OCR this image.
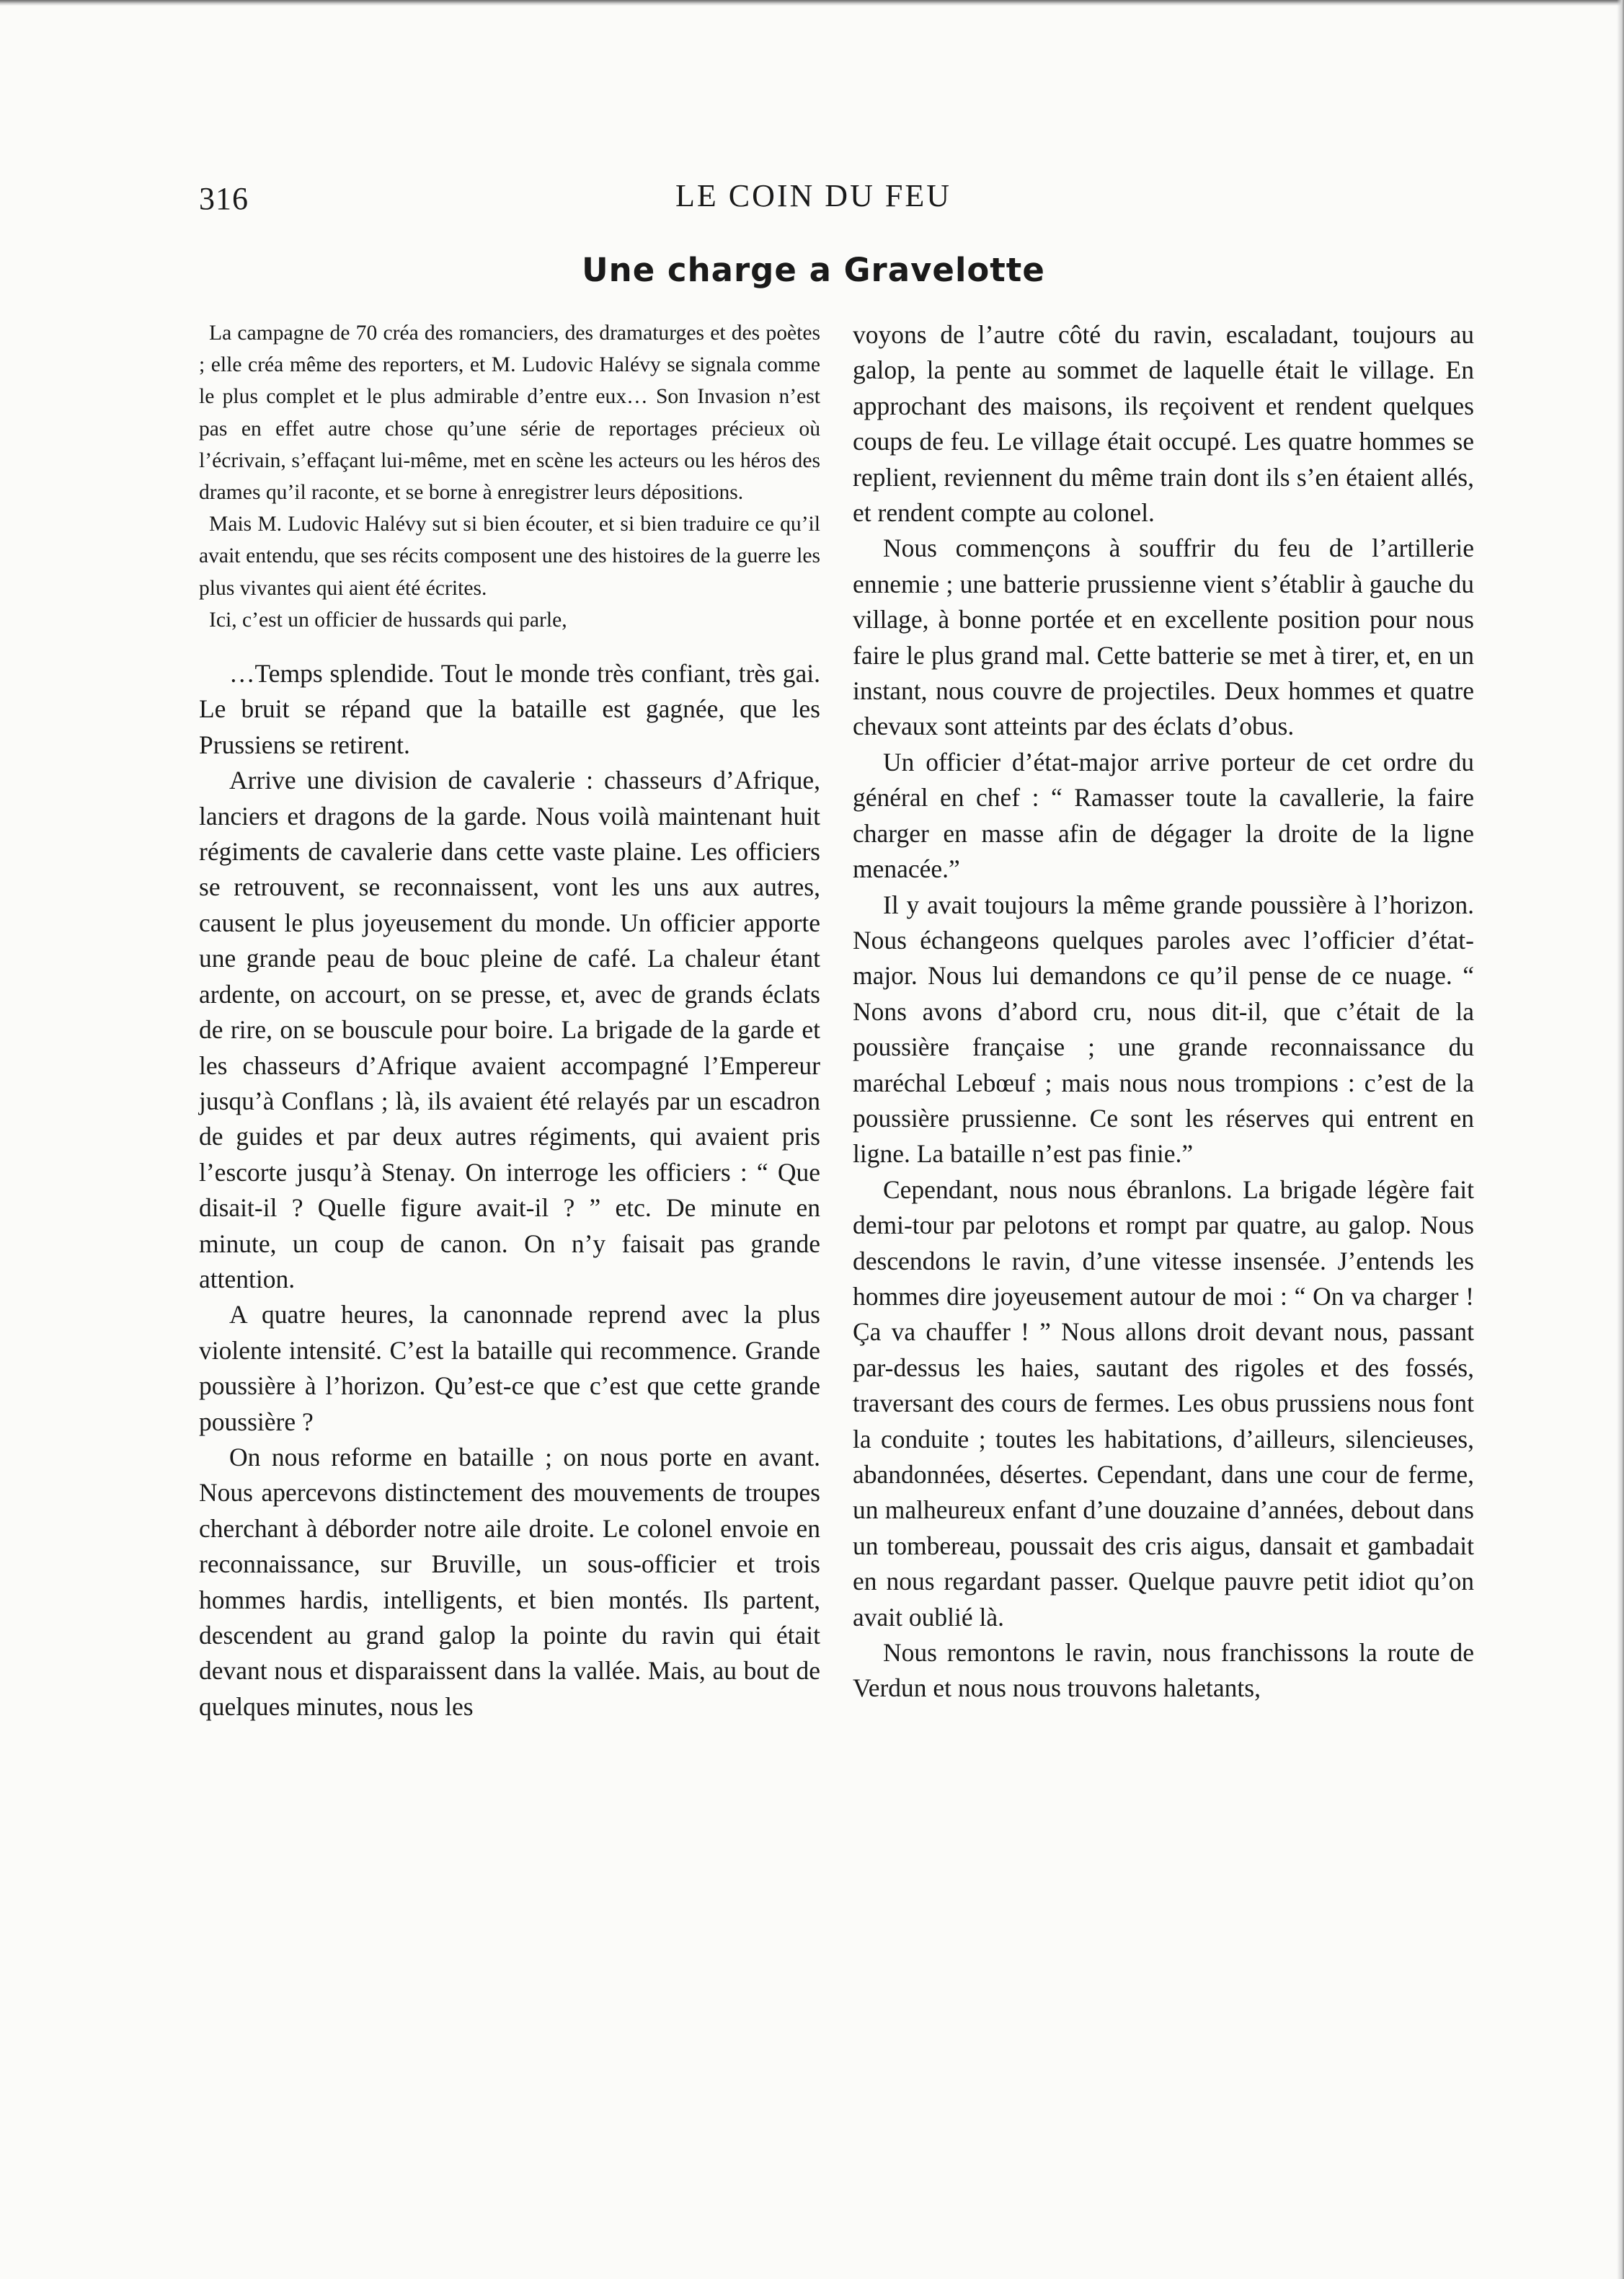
316	LE COIN DU FEU
Une charge a Gravelotte

La campagne de 70 créa des romanciers, des dramaturges et des poètes ; elle créa même des reporters, et M. Ludovic Halévy se signala comme le plus complet et le plus admirable d’entre eux… Son Invasion n’est pas en effet autre chose qu’une série de reportages précieux où l’écrivain, s’effaçant lui-même, met en scène les acteurs ou les héros des drames qu’il raconte, et se borne à enregistrer leurs dépositions.

Mais M. Ludovic Halévy sut si bien écouter, et si bien traduire ce qu’il avait entendu, que ses récits composent une des histoires de la guerre les plus vivantes qui aient été écrites.

Ici, c’est un officier de hussards qui parle,

…Temps splendide. Tout le monde très confiant, très gai. Le bruit se répand que la bataille est gagnée, que les Prussiens se retirent.

Arrive une division de cavalerie : chasseurs d’Afrique, lanciers et dragons de la garde. Nous voilà maintenant huit régiments de cavalerie dans cette vaste plaine. Les officiers se retrouvent, se reconnaissent, vont les uns aux autres, causent le plus joyeusement du monde. Un officier apporte une grande peau de bouc pleine de café. La chaleur étant ardente, on accourt, on se presse, et, avec de grands éclats de rire, on se bouscule pour boire. La brigade de la garde et les chasseurs d’Afrique avaient accompagné l’Empereur jusqu’à Conflans ; là, ils avaient été relayés par un escadron de guides et par deux autres régiments, qui avaient pris l’escorte jusqu’à Stenay. On interroge les officiers : “ Que disait-il ? Quelle figure avait-il ? ” etc. De minute en minute, un coup de canon. On n’y faisait pas grande attention.

A quatre heures, la canonnade reprend avec la plus violente intensité. C’est la bataille qui recommence. Grande poussière à l’horizon. Qu’est-ce que c’est que cette grande poussière ?

On nous reforme en bataille ; on nous porte en avant. Nous apercevons distinctement des mouvements de troupes cherchant à déborder notre aile droite. Le colonel envoie en reconnaissance, sur Bruville, un sous-officier et trois hommes hardis, intelligents, et bien montés. Ils partent, descendent au grand galop la pointe du ravin qui était devant nous et disparaissent dans la vallée. Mais, au bout de quelques minutes, nous les

voyons de l’autre côté du ravin, escaladant, toujours au galop, la pente au sommet de laquelle était le village. En approchant des maisons, ils reçoivent et rendent quelques coups de feu. Le village était occupé. Les quatre hommes se replient, reviennent du même train dont ils s’en étaient allés, et rendent compte au colonel.

Nous commençons à souffrir du feu de l’artillerie ennemie ; une batterie prussienne vient s’établir à gauche du village, à bonne portée et en excellente position pour nous faire le plus grand mal. Cette batterie se met à tirer, et, en un instant, nous couvre de projectiles. Deux hommes et quatre chevaux sont atteints par des éclats d’obus.

Un officier d’état-major arrive porteur de cet ordre du général en chef : “ Ramasser toute la cavallerie, la faire charger en masse afin de dégager la droite de la ligne menacée.”

Il y avait toujours la même grande poussière à l’horizon. Nous échangeons quelques paroles avec l’officier d’état-major. Nous lui demandons ce qu’il pense de ce nuage. “ Nons avons d’abord cru, nous dit-il, que c’était de la poussière française ; une grande reconnaissance du maréchal Lebœuf ; mais nous nous trompions : c’est de la poussière prussienne. Ce sont les réserves qui entrent en ligne. La bataille n’est pas finie.”

Cependant, nous nous ébranlons. La brigade légère fait demi-tour par pelotons et rompt par quatre, au galop. Nous descendons le ravin, d’une vitesse insensée. J’entends les hommes dire joyeusement autour de moi : “ On va charger ! Ça va chauffer ! ” Nous allons droit devant nous, passant par-dessus les haies, sautant des rigoles et des fossés, traversant des cours de fermes. Les obus prussiens nous font la conduite ; toutes les habitations, d’ailleurs, silencieuses, abandonnées, désertes. Cependant, dans une cour de ferme, un malheureux enfant d’une douzaine d’années, debout dans un tombereau, poussait des cris aigus, dansait et gambadait en nous regardant passer. Quelque pauvre petit idiot qu’on avait oublié là.

Nous remontons le ravin, nous franchissons la route de Verdun et nous nous trouvons haletants,
